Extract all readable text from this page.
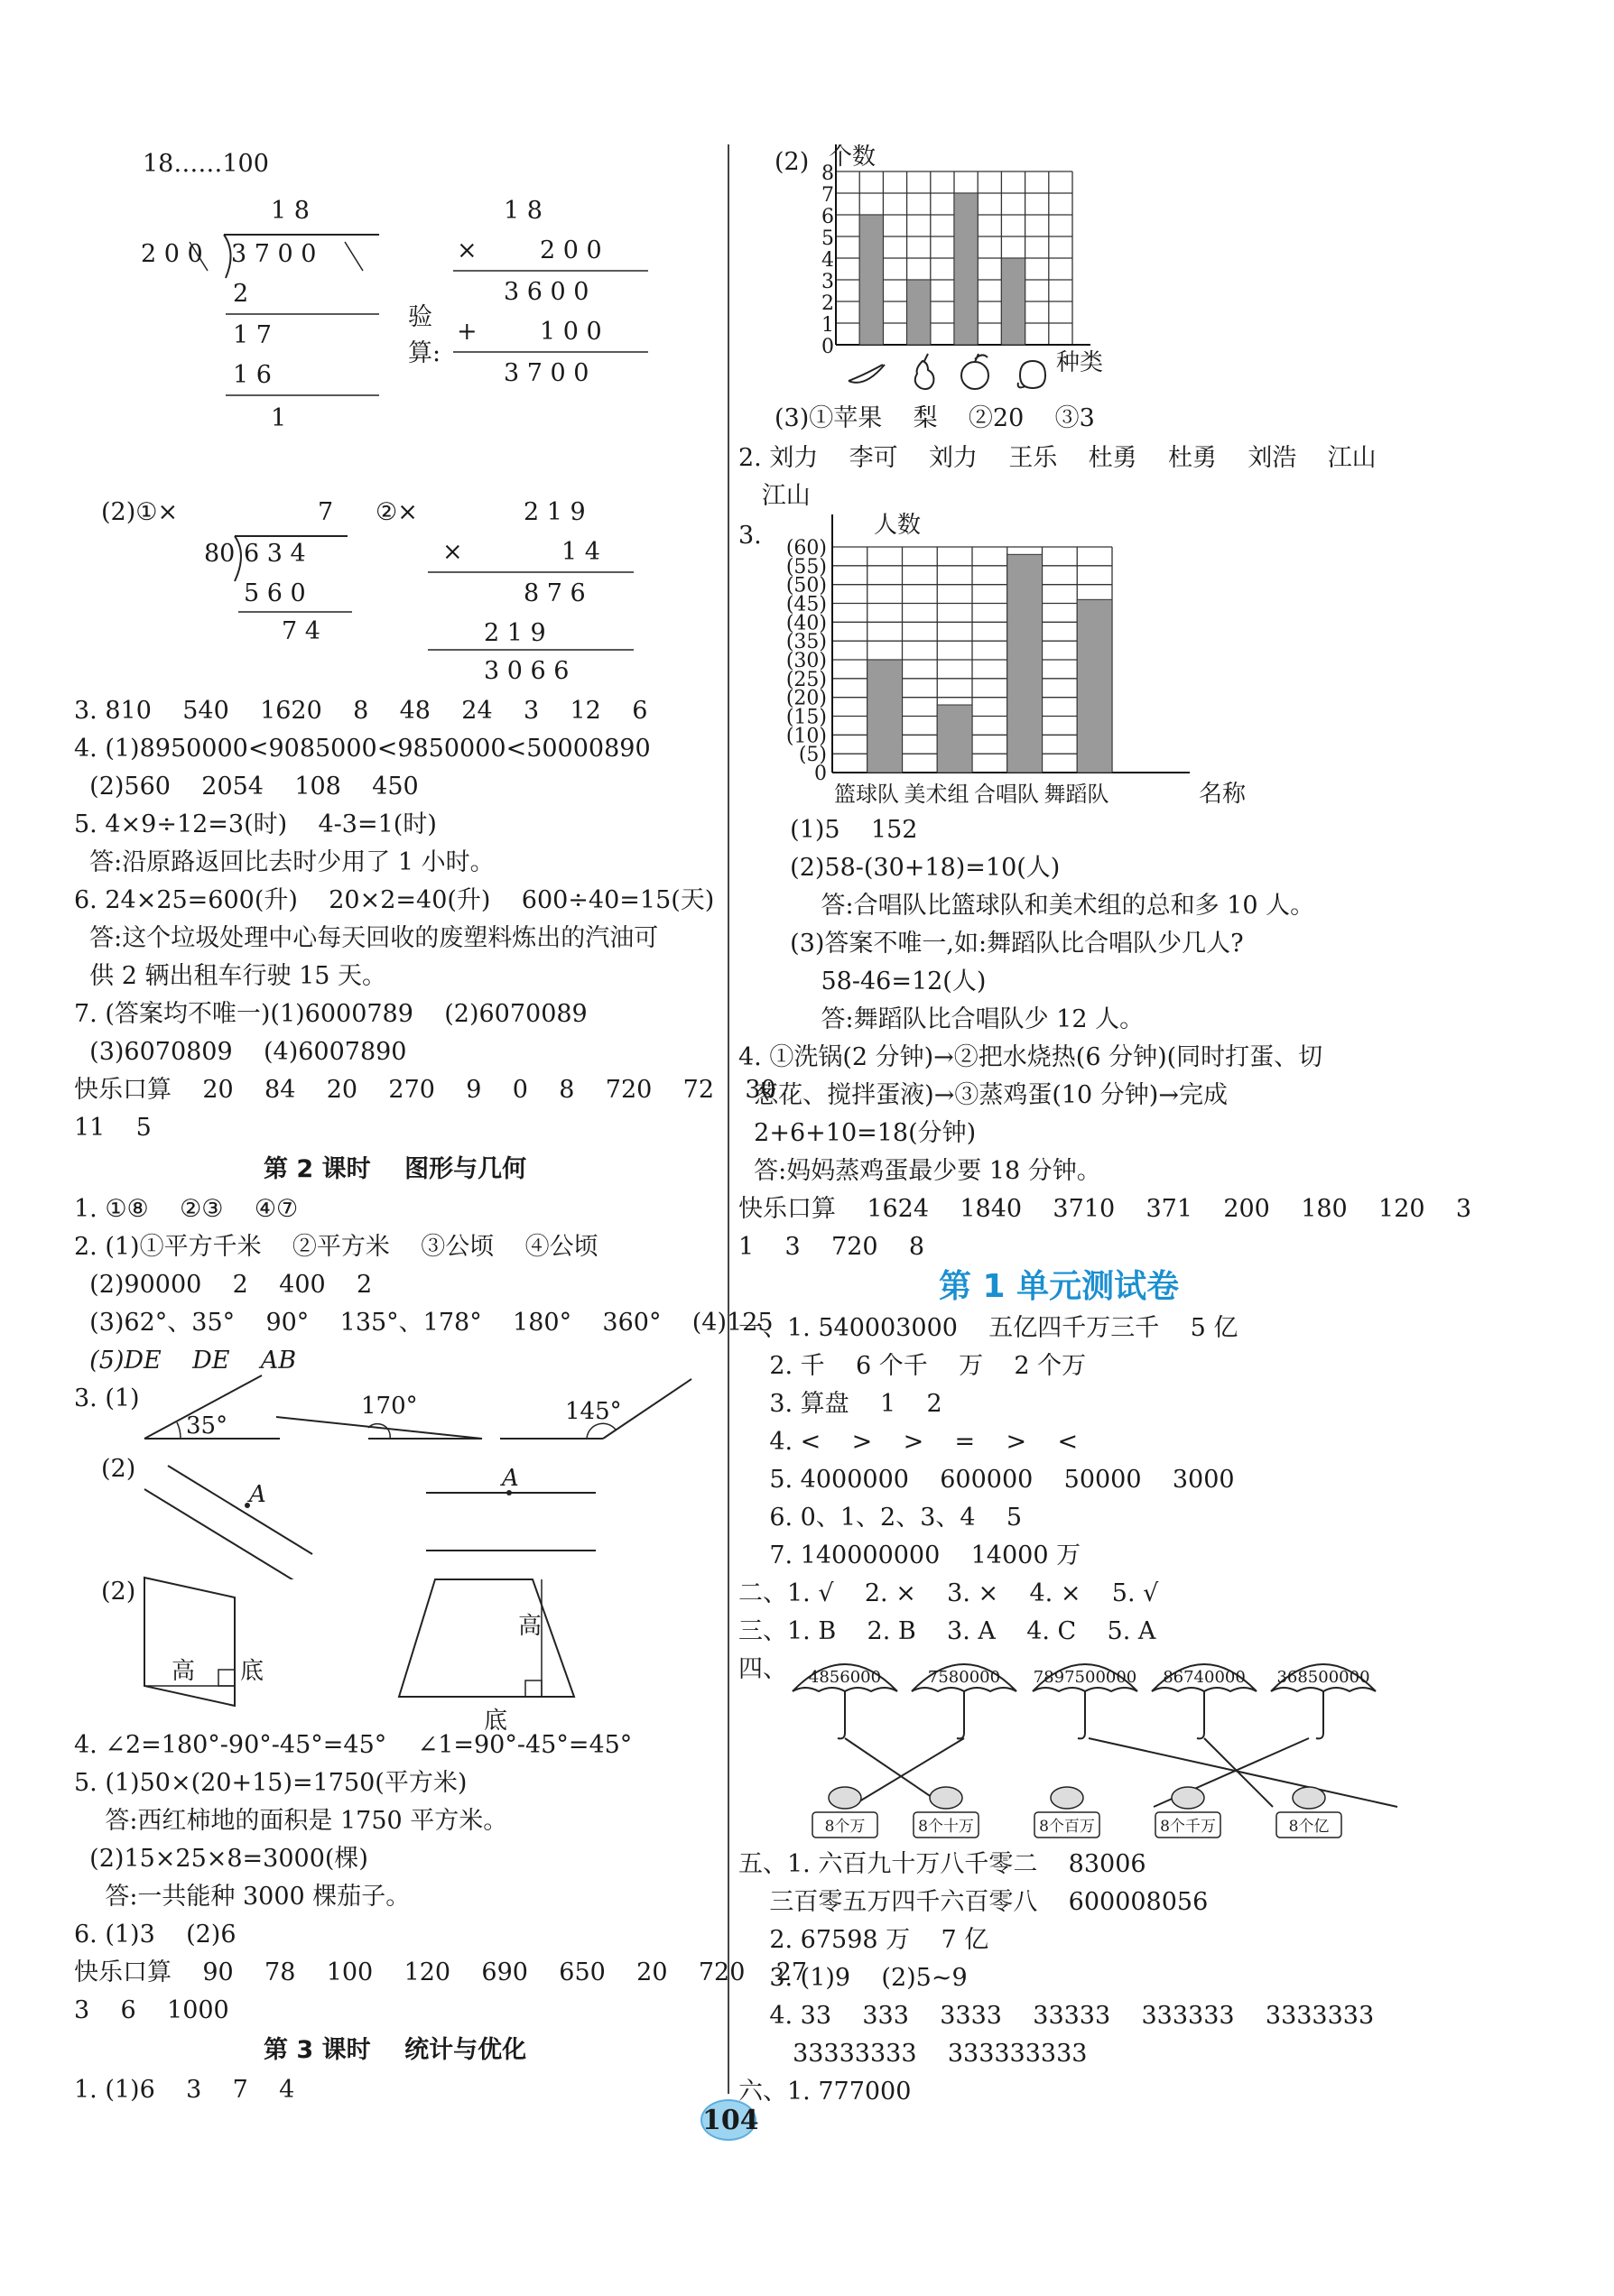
18……100
1 8
2 0 0 3 7 0 0
2
1 7
1 6
1
验
算:
1 8
×	2 0 0
3 6 0 0
+	1 0 0
3 7 0 0
(2)①×	7
80 6 3 4
5 6 0
7 4
②×	2 1 9
×	1 4
8 7 6
2 1 9
3 0 6 6
3. 810    540    1620    8    48    24    3    12    6
4. (1)8950000<9085000<9850000<50000890
(2)560    2054    108    450
5. 4×9÷12=3(时)    4-3=1(时)
答:沿原路返回比去时少用了 1 小时。
6. 24×25=600(升)    20×2=40(升)    600÷40=15(天)
答:这个垃圾处理中心每天回收的废塑料炼出的汽油可
供 2 辆出租车行驶 15 天。
7. (答案均不唯一)(1)6000789    (2)6070089
(3)6070809    (4)6007890
快乐口算    20    84    20    270    9    0    8    720    72    30
11    5
第 2 课时    图形与几何
1. ①⑧    ②③    ④⑦
2. (1)①平方千米    ②平方米    ③公顷    ④公顷
(2)90000    2    400    2
(3)62°、35°    90°    135°、178°    180°    360°    (4)125
(5)DE    DE    AB
3. (1)
35°
170°	145°
(2)
A
A
(2)
高 底
高
底
4. ∠2=180°-90°-45°=45°    ∠1=90°-45°=45°
5. (1)50×(20+15)=1750(平方米)
答:西红柿地的面积是 1750 平方米。
(2)15×25×8=3000(棵)
答:一共能种 3000 棵茄子。
6. (1)3    (2)6
快乐口算    90    78    100    120    690    650    20    720    27
3    6    1000
第 3 课时    统计与优化
1. (1)6    3    7    4
(2) 个数
种类
0
1
2
3
4
5
6
7
8
(3)①苹果    梨    ②20    ③3
2. 刘力    李可    刘力    王乐    杜勇    杜勇    刘浩    江山
江山
3.	人数
名称
0
(5)
(10)
(15)
(20)
(25)
(30)
(35)
(40)
(45)
(50)
(55)
(60)
篮球队 美术组 合唱队 舞蹈队
(1)5    152
(2)58-(30+18)=10(人)
答:合唱队比篮球队和美术组的总和多 10 人。
(3)答案不唯一,如:舞蹈队比合唱队少几人?
58-46=12(人)
答:舞蹈队比合唱队少 12 人。
4. ①洗锅(2 分钟)→②把水烧热(6 分钟)(同时打蛋、切
葱花、搅拌蛋液)→③蒸鸡蛋(10 分钟)→完成
2+6+10=18(分钟)
答:妈妈蒸鸡蛋最少要 18 分钟。
快乐口算    1624    1840    3710    371    200    180    120    3
1    3    720    8
第 1 单元测试卷
一、1. 540003000    五亿四千万三千    5 亿
2. 千    6 个千    万    2 个万
3. 算盘    1    2
4. <    >    >    =    >    <
5. 4000000    600000    50000    3000
6. 0、1、2、3、4    5
7. 140000000    14000 万
二、1. √    2. ×    3. ×    4. ×    5. √
三、1. B    2. B    3. A    4. C    5. A
四、 4856000	7580000 7897500000 86740000 368500000
8个万	8个十万	8个百万	8个千万	8个亿
五、1. 六百九十万八千零二    83006
三百零五万四千六百零八    600008056
2. 67598 万    7 亿
3. (1)9    (2)5~9
4. 33    333    3333    33333    333333    3333333
33333333    333333333
六、1. 777000
104
